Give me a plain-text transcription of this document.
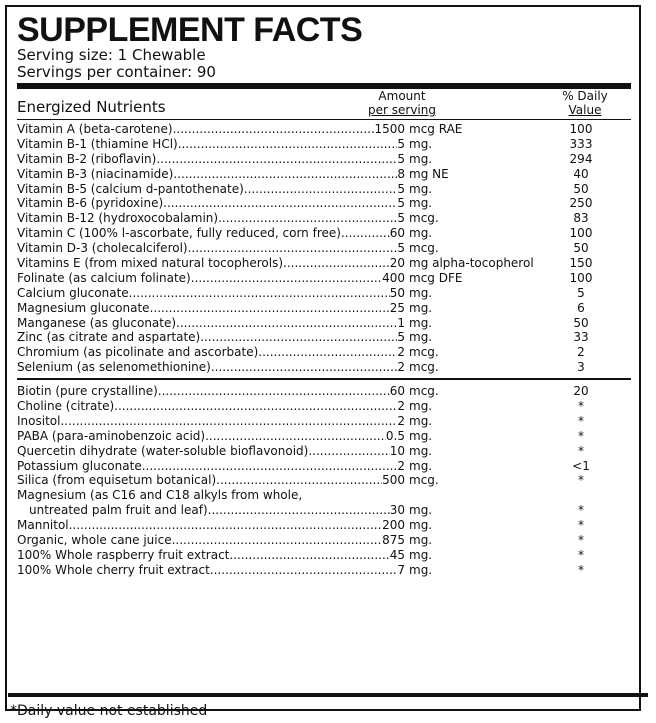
SUPPLEMENT FACTS
Serving size: 1 Chewable
Servings per container: 90
Energized Nutrients
Amount
per serving
% Daily
Value
Vitamin A (beta-carotene) .....	1500 mcg RAE	100
Vitamin B-1 (thiamine HCl) .....	5 mg.	333
Vitamin B-2 (riboflavin) .....	5 mg.	294
Vitamin B-3 (niacinamide) .....	8 mg NE	40
Vitamin B-5 (calcium d-pantothenate) .....	5 mg.	50
Vitamin B-6 (pyridoxine) .....	5 mg.	250
Vitamin B-12 (hydroxocobalamin) .....	5 mcg.	83
Vitamin C (100% l-ascorbate, fully reduced, corn free) .....	60 mg.	100
Vitamin D-3 (cholecalciferol) .....	5 mcg.	50
Vitamins E (from mixed natural tocopherols) .....	20 mg alpha-tocopherol	150
Folinate (as calcium folinate) .....	400 mcg DFE	100
Calcium gluconate .....	50 mg.	5
Magnesium gluconate .....	25 mg.	6
Manganese (as gluconate) .....	1 mg.	50
Zinc (as citrate and aspartate) .....	5 mg.	33
Chromium (as picolinate and ascorbate) .....	2 mcg.	2
Selenium (as selenomethionine) .....	2 mcg.	3
Biotin (pure crystalline) .....	60 mcg.	20
Choline (citrate) .....	2 mg.	*
Inositol .....	2 mg.	*
PABA (para-aminobenzoic acid) .....	0.5 mg.	*
Quercetin dihydrate (water-soluble bioflavonoid) .....	10 mg.	*
Potassium gluconate .....	2 mg.	<1
Silica (from equisetum botanical) .....	500 mcg.	*
Magnesium (as C16 and C18 alkyls from whole,
untreated palm fruit and leaf) .....	30 mg.	*
Mannitol .....	200 mg.	*
Organic, whole cane juice .....	875 mg.	*
100% Whole raspberry fruit extract .....	45 mg.	*
100% Whole cherry fruit extract .....	7 mg.	*
*Daily value not established
